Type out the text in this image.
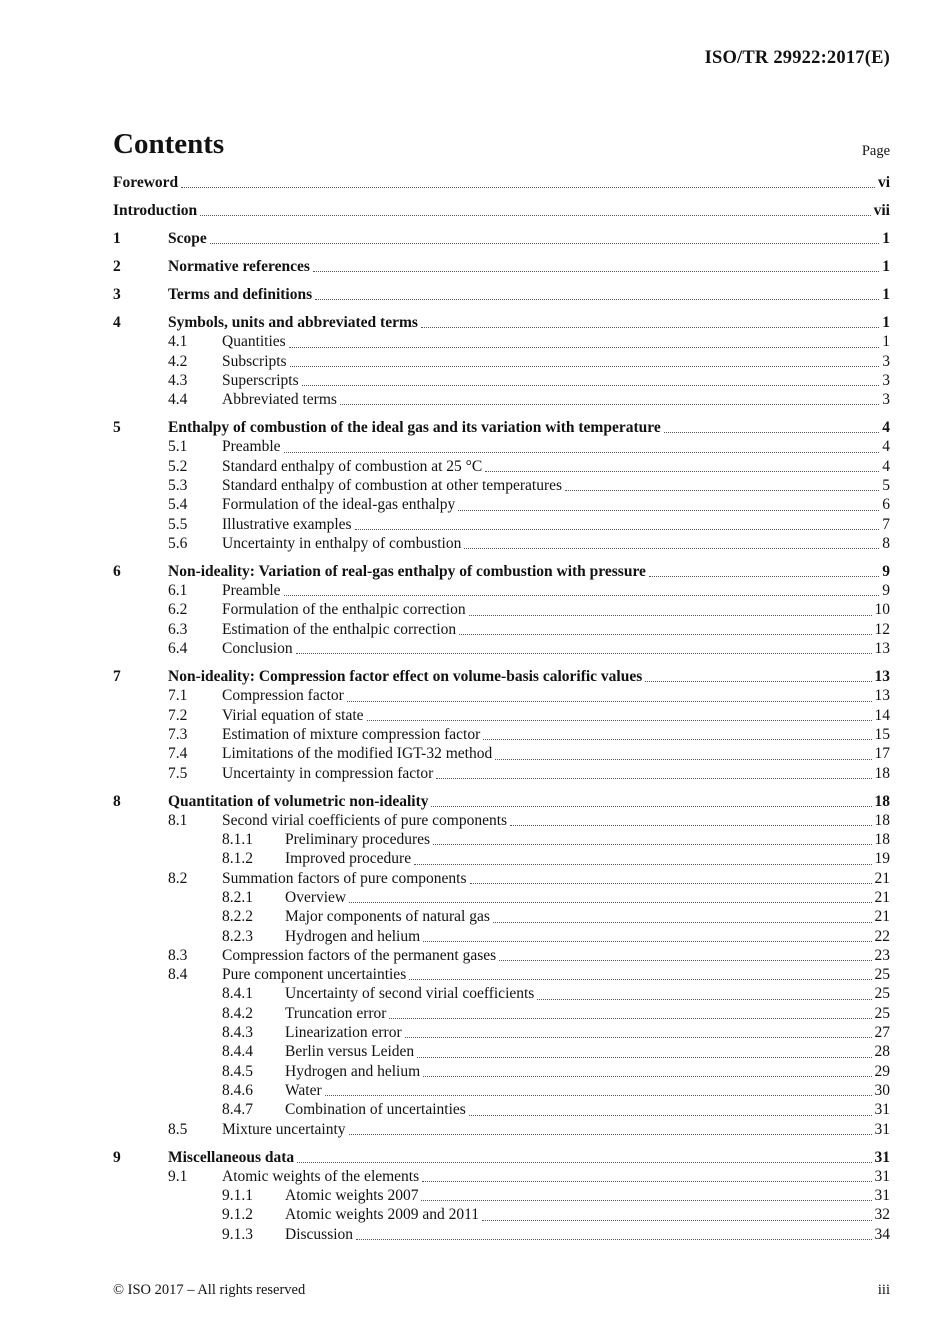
ISO/TR 29922:2017(E)
Contents	Page
Foreword	vi
Introduction	vii
1	Scope	1
2	Normative references	1
3	Terms and definitions	1
4	Symbols, units and abbreviated terms	1
4.1	Quantities	1
4.2	Subscripts	3
4.3	Superscripts	3
4.4	Abbreviated terms	3
5	Enthalpy of combustion of the ideal gas and its variation with temperature	4
5.1	Preamble	4
5.2	Standard enthalpy of combustion at 25 °C	4
5.3	Standard enthalpy of combustion at other temperatures	5
5.4	Formulation of the ideal-gas enthalpy	6
5.5	Illustrative examples	7
5.6	Uncertainty in enthalpy of combustion	8
6	Non-ideality: Variation of real-gas enthalpy of combustion with pressure	9
6.1	Preamble	9
6.2	Formulation of the enthalpic correction	10
6.3	Estimation of the enthalpic correction	12
6.4	Conclusion	13
7	Non-ideality: Compression factor effect on volume-basis calorific values	13
7.1	Compression factor	13
7.2	Virial equation of state	14
7.3	Estimation of mixture compression factor	15
7.4	Limitations of the modified IGT-32 method	17
7.5	Uncertainty in compression factor	18
8	Quantitation of volumetric non-ideality	18
8.1	Second virial coefficients of pure components	18
8.1.1	Preliminary procedures	18
8.1.2	Improved procedure	19
8.2	Summation factors of pure components	21
8.2.1	Overview	21
8.2.2	Major components of natural gas	21
8.2.3	Hydrogen and helium	22
8.3	Compression factors of the permanent gases	23
8.4	Pure component uncertainties	25
8.4.1	Uncertainty of second virial coefficients	25
8.4.2	Truncation error	25
8.4.3	Linearization error	27
8.4.4	Berlin versus Leiden	28
8.4.5	Hydrogen and helium	29
8.4.6	Water	30
8.4.7	Combination of uncertainties	31
8.5	Mixture uncertainty	31
9	Miscellaneous data	31
9.1	Atomic weights of the elements	31
9.1.1	Atomic weights 2007	31
9.1.2	Atomic weights 2009 and 2011	32
9.1.3	Discussion	34
© ISO 2017 – All rights reserved	iii
